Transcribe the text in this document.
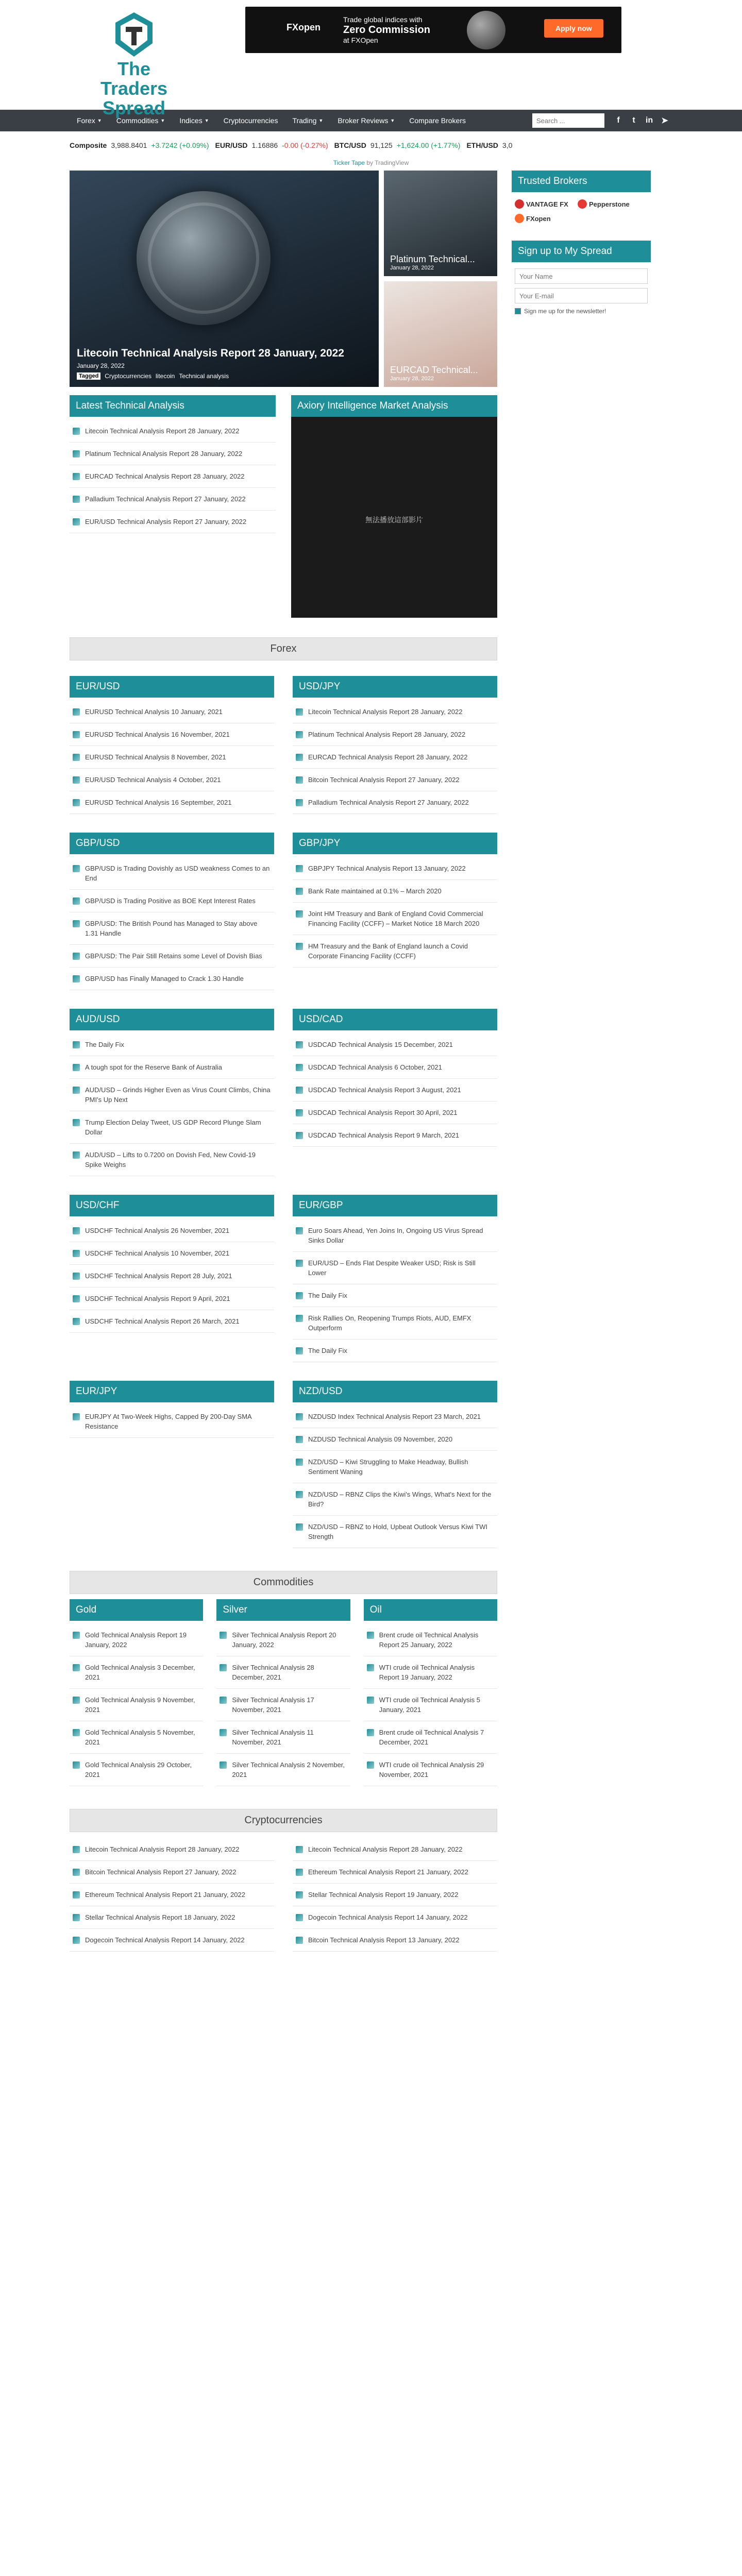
The Traders
Spread
FXopen
Trade global indices with
Zero Commission
at FXOpen
Apply now
Forex ▼ Commodities ▼ Indices ▼ Cryptocurrencies Trading ▼ Broker Reviews ▼ Compare Brokers
Search ...	f	t	in ➤
Composite 3,988.8401 +3.7242 (+0.09%) EUR/USD 1.16886 -0.00 (-0.27%) BTC/USD 91,125 +1,624.00 (+1.77%) ETH/USD 3,0
Ticker Tape by TradingView
Litecoin Technical Analysis Report 28 January, 2022
January 28, 2022
Tagged	Cryptocurrencies litecoin Technical analysis
Platinum Technical...
January 28, 2022
EURCAD Technical...
January 28, 2022
Latest Technical Analysis
Litecoin Technical Analysis Report 28 January, 2022
Platinum Technical Analysis Report 28 January, 2022
EURCAD Technical Analysis Report 28 January, 2022
Palladium Technical Analysis Report 27 January, 2022
EUR/USD Technical Analysis Report 27 January, 2022
Axiory Intelligence Market Analysis
無法播放這部影片
Forex
EUR/USD
EURUSD Technical Analysis 10 January, 2021
EURUSD Technical Analysis 16 November, 2021
EURUSD Technical Analysis 8 November, 2021
EUR/USD Technical Analysis 4 October, 2021
EURUSD Technical Analysis 16 September, 2021
USD/JPY
Litecoin Technical Analysis Report 28 January, 2022
Platinum Technical Analysis Report 28 January, 2022
EURCAD Technical Analysis Report 28 January, 2022
Bitcoin Technical Analysis Report 27 January, 2022
Palladium Technical Analysis Report 27 January, 2022
GBP/USD
GBP/USD is Trading Dovishly as USD weakness Comes to an End
GBP/USD is Trading Positive as BOE Kept Interest Rates
GBP/USD: The British Pound has Managed to Stay above 1.31 Handle
GBP/USD: The Pair Still Retains some Level of Dovish Bias
GBP/USD has Finally Managed to Crack 1.30 Handle
GBP/JPY
GBPJPY Technical Analysis Report 13 January, 2022
Bank Rate maintained at 0.1% – March 2020
Joint HM Treasury and Bank of England Covid Commercial Financing Facility (CCFF) – Market Notice 18 March 2020
HM Treasury and the Bank of England launch a Covid Corporate Financing Facility (CCFF)
AUD/USD
The Daily Fix
A tough spot for the Reserve Bank of Australia
AUD/USD – Grinds Higher Even as Virus Count Climbs, China PMI's Up Next
Trump Election Delay Tweet, US GDP Record Plunge Slam Dollar
AUD/USD – Lifts to 0.7200 on Dovish Fed, New Covid-19 Spike Weighs
USD/CAD
USDCAD Technical Analysis 15 December, 2021
USDCAD Technical Analysis 6 October, 2021
USDCAD Technical Analysis Report 3 August, 2021
USDCAD Technical Analysis Report 30 April, 2021
USDCAD Technical Analysis Report 9 March, 2021
USD/CHF
USDCHF Technical Analysis 26 November, 2021
USDCHF Technical Analysis 10 November, 2021
USDCHF Technical Analysis Report 28 July, 2021
USDCHF Technical Analysis Report 9 April, 2021
USDCHF Technical Analysis Report 26 March, 2021
EUR/GBP
Euro Soars Ahead, Yen Joins In, Ongoing US Virus Spread Sinks Dollar
EUR/USD – Ends Flat Despite Weaker USD; Risk is Still Lower
The Daily Fix
Risk Rallies On, Reopening Trumps Riots, AUD, EMFX Outperform
The Daily Fix
EUR/JPY
EURJPY At Two-Week Highs, Capped By 200-Day SMA Resistance
NZD/USD
NZDUSD Index Technical Analysis Report 23 March, 2021
NZDUSD Technical Analysis 09 November, 2020
NZD/USD – Kiwi Struggling to Make Headway, Bullish Sentiment Waning
NZD/USD – RBNZ Clips the Kiwi's Wings, What's Next for the Bird?
NZD/USD – RBNZ to Hold, Upbeat Outlook Versus Kiwi TWI Strength
Commodities
Gold
Gold Technical Analysis Report 19 January, 2022
Gold Technical Analysis 3 December, 2021
Gold Technical Analysis 9 November, 2021
Gold Technical Analysis 5 November, 2021
Gold Technical Analysis 29 October, 2021
Silver
Silver Technical Analysis Report 20 January, 2022
Silver Technical Analysis 28 December, 2021
Silver Technical Analysis 17 November, 2021
Silver Technical Analysis 11 November, 2021
Silver Technical Analysis 2 November, 2021
Oil
Brent crude oil Technical Analysis Report 25 January, 2022
WTI crude oil Technical Analysis Report 19 January, 2022
WTI crude oil Technical Analysis 5 January, 2021
Brent crude oil Technical Analysis 7 December, 2021
WTI crude oil Technical Analysis 29 November, 2021
Cryptocurrencies
Litecoin Technical Analysis Report 28 January, 2022
Bitcoin Technical Analysis Report 27 January, 2022
Ethereum Technical Analysis Report 21 January, 2022
Stellar Technical Analysis Report 18 January, 2022
Dogecoin Technical Analysis Report 14 January, 2022
Litecoin Technical Analysis Report 28 January, 2022
Ethereum Technical Analysis Report 21 January, 2022
Stellar Technical Analysis Report 19 January, 2022
Dogecoin Technical Analysis Report 14 January, 2022
Bitcoin Technical Analysis Report 13 January, 2022
Trusted Brokers
VANTAGE FX	Pepperstone
FXopen
Sign up to My Spread
Your Name Your E-mail
Sign me up for the newsletter!
